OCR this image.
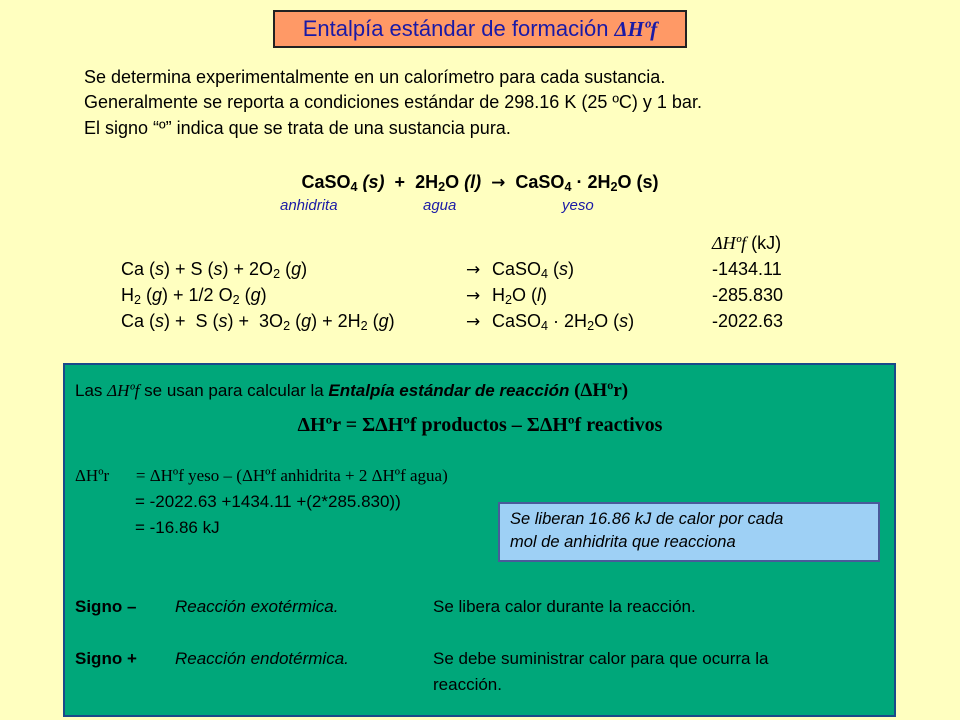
Entalpía estándar de formación ΔHºf
Se determina experimentalmente en un calorímetro para cada sustancia.
Generalmente se reporta a condiciones estándar de 298.16 K (25 ºC) y 1 bar.
El signo “º” indica que se trata de una sustancia pura.
CaSO$_4$ $(s) + 2H_2O$ (l) → CaSO$_4$ · $2H_2O$ (s)
anhidrita	agua	yeso
ΔHºf (kJ)
Ca (s) + S $(s) + 2O_2$ (g)	→ CaSO$_4$ (s)	-1434.11
$H_2$ (g) + 1/2 $O_2$ (g)	→ $H_2O$ (l)	-285.830
Ca (s) +  S $(s) + 3O_2$ $(g) + 2H_2$ (g)	→ CaSO$_4$ · $2H_2O$ (s)	-2022.63
Las ΔHºf se usan para calcular la Entalpía estándar de reacción (ΔHºr)
ΔHºr = ΣΔHºf productos – ΣΔHºf reactivos
ΔHºr = ΔHºf yeso – (ΔHºf anhidrita + 2 ΔHºf agua)
= -2022.63 +1434.11 +(2*285.830))
= -16.86 kJ	Se liberan 16.86 kJ de calor por cada
mol de anhidrita que reacciona
Signo – Reacción exotérmica.	Se libera calor durante la reacción.
Signo + Reacción endotérmica.	Se debe suministrar calor para que ocurra la
reacción.
